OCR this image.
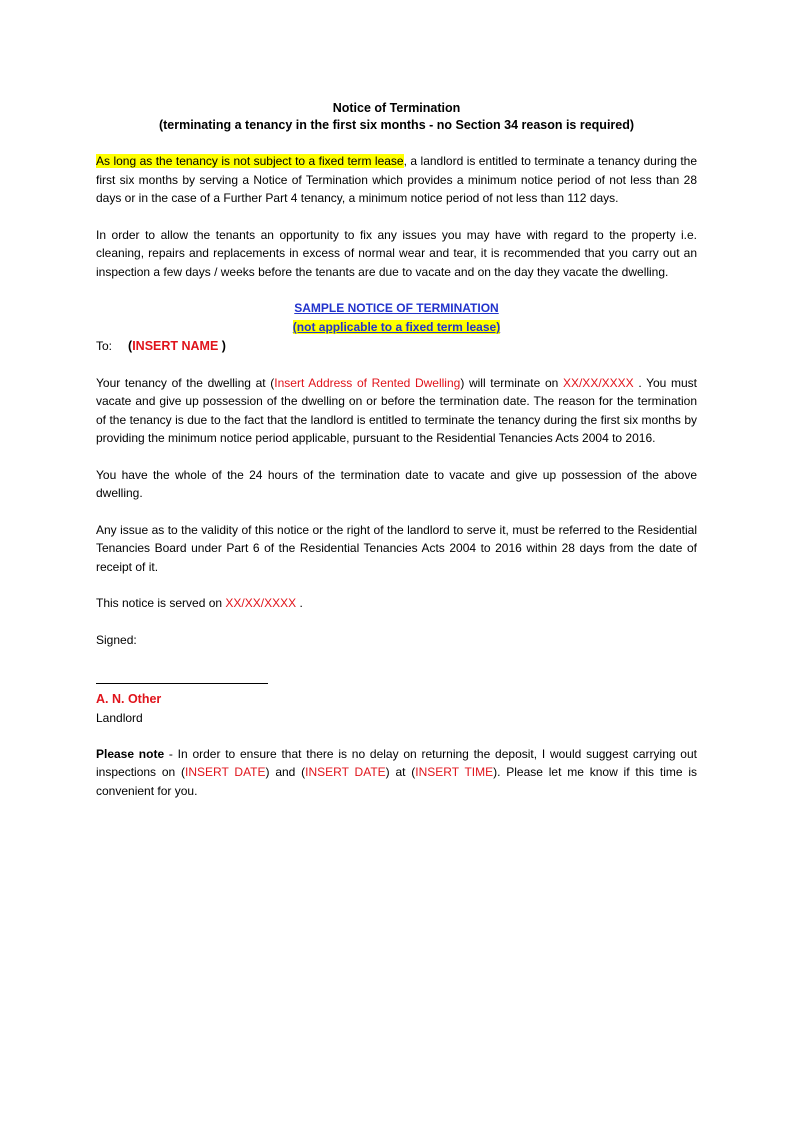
Notice of Termination
(terminating a tenancy in the first six months - no Section 34 reason is required)

As long as the tenancy is not subject to a fixed term lease, a landlord is entitled to terminate a tenancy during the first six months by serving a Notice of Termination which provides a minimum notice period of not less than 28 days or in the case of a Further Part 4 tenancy, a minimum notice period of not less than 112 days.

In order to allow the tenants an opportunity to fix any issues you may have with regard to the property i.e. cleaning, repairs and replacements in excess of normal wear and tear, it is recommended that you carry out an inspection a few days / weeks before the tenants are due to vacate and on the day they vacate the dwelling.

SAMPLE NOTICE OF TERMINATION
(not applicable to a fixed term lease)

To: (INSERT NAME )

Your tenancy of the dwelling at (Insert Address of Rented Dwelling) will terminate on XX/XX/XXXX . You must vacate and give up possession of the dwelling on or before the termination date. The reason for the termination of the tenancy is due to the fact that the landlord is entitled to terminate the tenancy during the first six months by providing the minimum notice period applicable, pursuant to the Residential Tenancies Acts 2004 to 2016.

You have the whole of the 24 hours of the termination date to vacate and give up possession of the above dwelling.

Any issue as to the validity of this notice or the right of the landlord to serve it, must be referred to the Residential Tenancies Board under Part 6 of the Residential Tenancies Acts 2004 to 2016 within 28 days from the date of receipt of it.

This notice is served on XX/XX/XXXX .

Signed:
A. N. Other
Landlord

Please note - In order to ensure that there is no delay on returning the deposit, I would suggest carrying out inspections on (INSERT DATE) and (INSERT DATE) at (INSERT TIME). Please let me know if this time is convenient for you.
